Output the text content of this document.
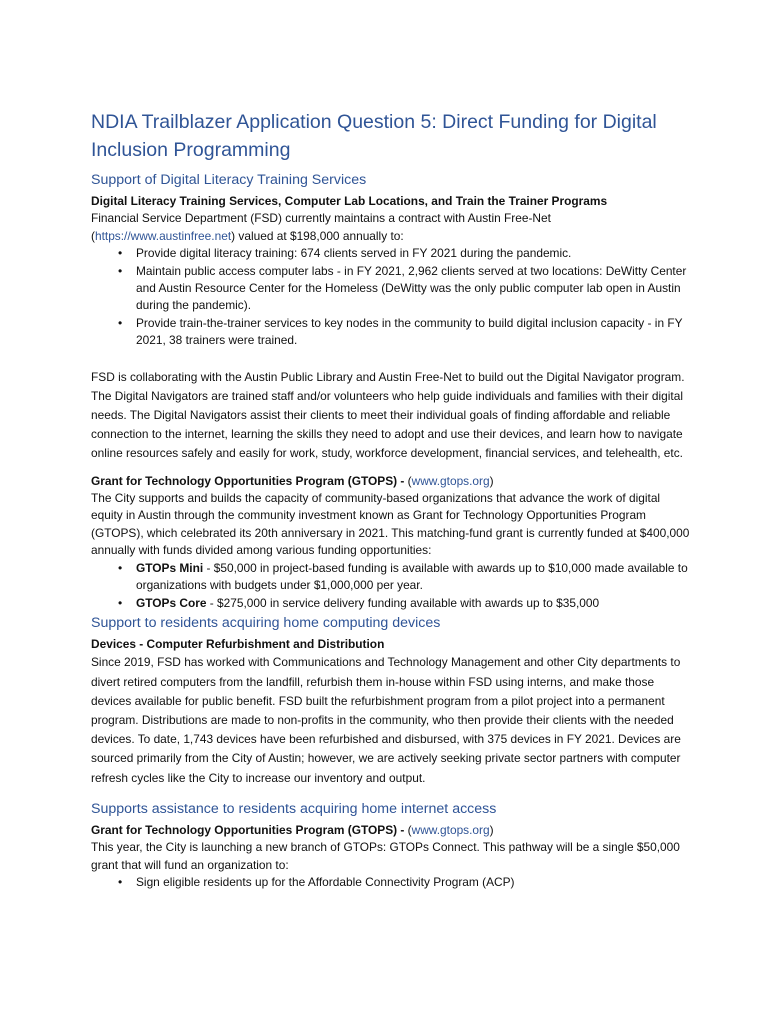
NDIA Trailblazer Application Question 5: Direct Funding for Digital Inclusion Programming
Support of Digital Literacy Training Services
Digital Literacy Training Services, Computer Lab Locations, and Train the Trainer Programs
Financial Service Department (FSD) currently maintains a contract with Austin Free-Net (https://www.austinfree.net) valued at $198,000 annually to:
• Provide digital literacy training: 674 clients served in FY 2021 during the pandemic.
• Maintain public access computer labs - in FY 2021, 2,962 clients served at two locations: DeWitty Center and Austin Resource Center for the Homeless (DeWitty was the only public computer lab open in Austin during the pandemic).
• Provide train-the-trainer services to key nodes in the community to build digital inclusion capacity - in FY 2021, 38 trainers were trained.
FSD is collaborating with the Austin Public Library and Austin Free-Net to build out the Digital Navigator program. The Digital Navigators are trained staff and/or volunteers who help guide individuals and families with their digital needs. The Digital Navigators assist their clients to meet their individual goals of finding affordable and reliable connection to the internet, learning the skills they need to adopt and use their devices, and learn how to navigate online resources safely and easily for work, study, workforce development, financial services, and telehealth, etc.
Grant for Technology Opportunities Program (GTOPS) - (www.gtops.org)
The City supports and builds the capacity of community-based organizations that advance the work of digital equity in Austin through the community investment known as Grant for Technology Opportunities Program (GTOPS), which celebrated its 20th anniversary in 2021. This matching-fund grant is currently funded at $400,000 annually with funds divided among various funding opportunities:
• GTOPs Mini - $50,000 in project-based funding is available with awards up to $10,000 made available to organizations with budgets under $1,000,000 per year.
• GTOPs Core - $275,000 in service delivery funding available with awards up to $35,000
Support to residents acquiring home computing devices
Devices - Computer Refurbishment and Distribution
Since 2019, FSD has worked with Communications and Technology Management and other City departments to divert retired computers from the landfill, refurbish them in-house within FSD using interns, and make those devices available for public benefit. FSD built the refurbishment program from a pilot project into a permanent program. Distributions are made to non-profits in the community, who then provide their clients with the needed devices. To date, 1,743 devices have been refurbished and disbursed, with 375 devices in FY 2021. Devices are sourced primarily from the City of Austin; however, we are actively seeking private sector partners with computer refresh cycles like the City to increase our inventory and output.
Supports assistance to residents acquiring home internet access
Grant for Technology Opportunities Program (GTOPS) - (www.gtops.org)
This year, the City is launching a new branch of GTOPs: GTOPs Connect. This pathway will be a single $50,000 grant that will fund an organization to:
• Sign eligible residents up for the Affordable Connectivity Program (ACP)
